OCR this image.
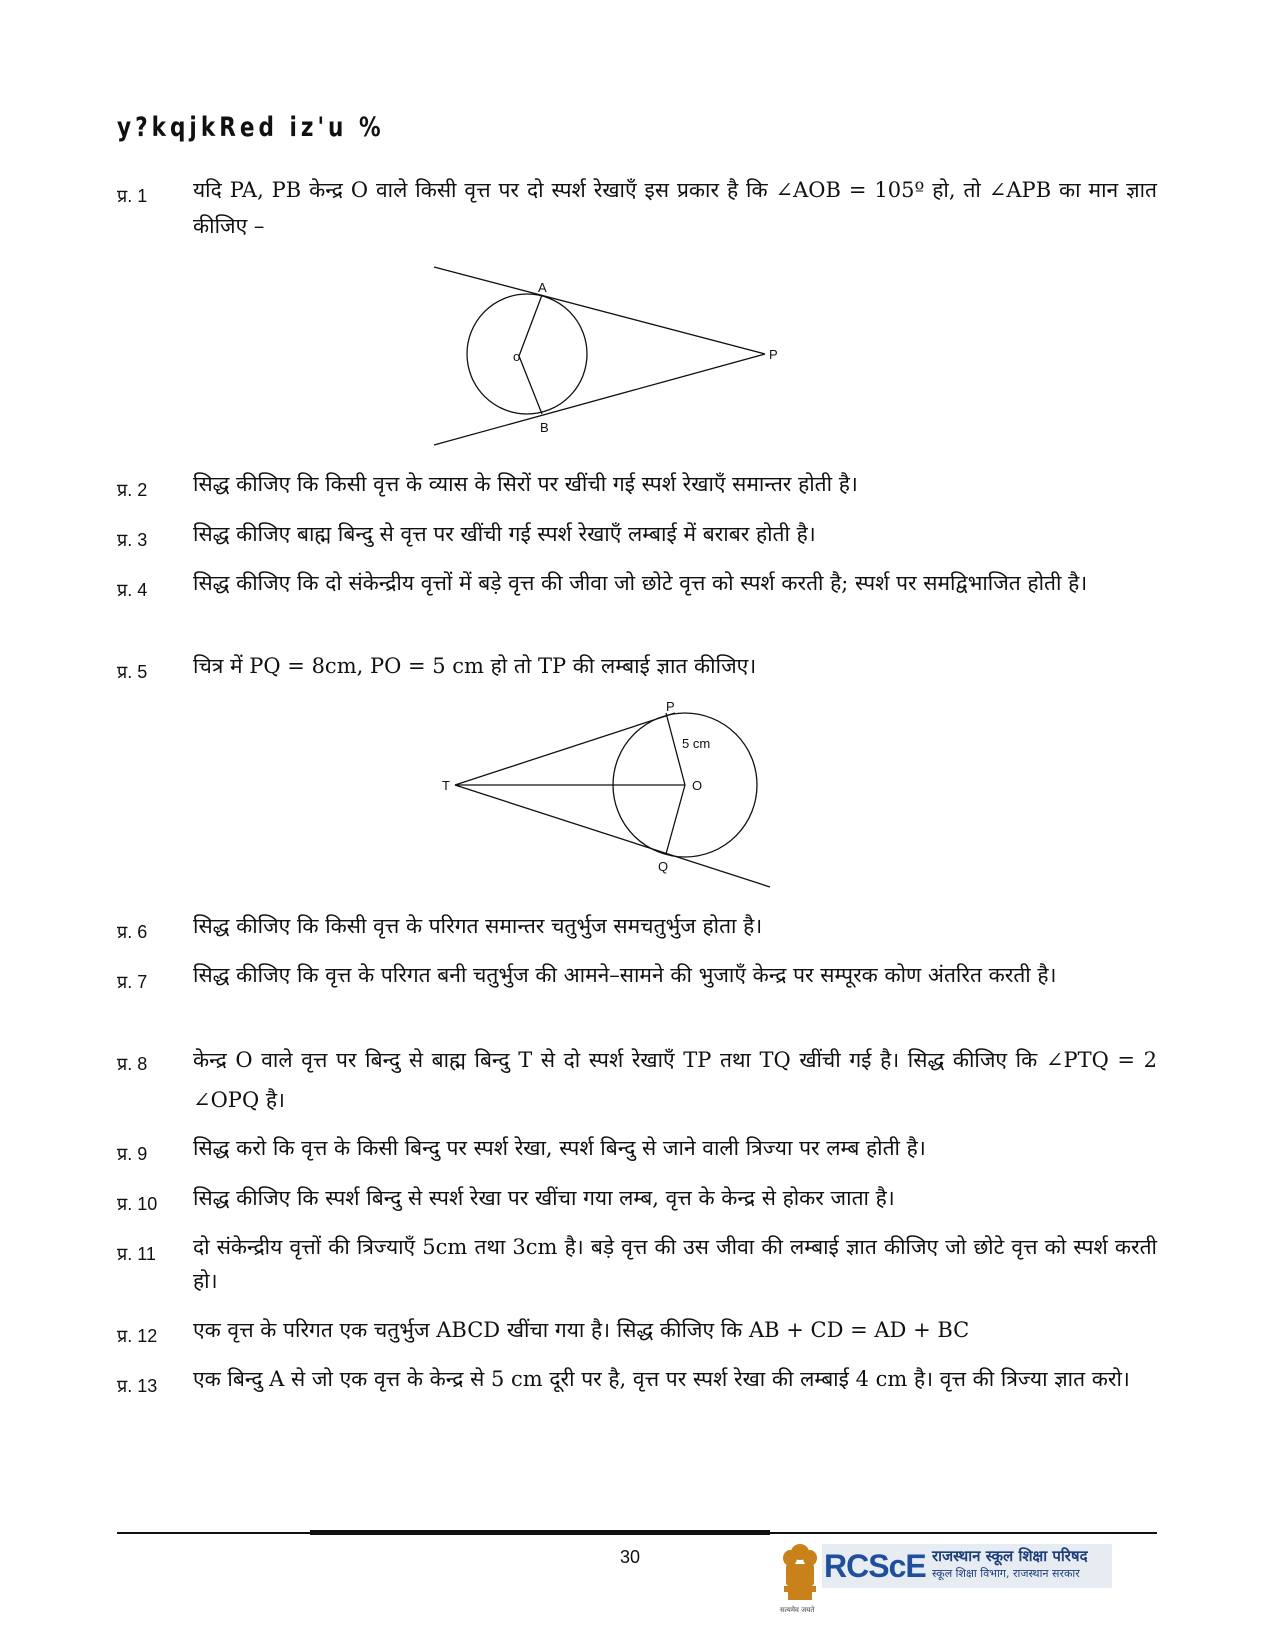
y?kqjkRed iz'u %
प्र. 1 यदि PA, PB केन्द्र O वाले किसी वृत्त पर दो स्पर्श रेखाएँ इस प्रकार है कि ∠AOB = 105º हो, तो ∠APB का मान ज्ञात कीजिए –
A
B
o	P
प्र. 2 सिद्ध कीजिए कि किसी वृत्त के व्यास के सिरों पर खींची गई स्पर्श रेखाएँ समान्तर होती है।
प्र. 3 सिद्ध कीजिए बाह्म बिन्दु से वृत्त पर खींची गई स्पर्श रेखाएँ लम्बाई में बराबर होती है।
प्र. 4 सिद्ध कीजिए कि दो संकेन्द्रीय वृत्तों में बड़े वृत्त की जीवा जो छोटे वृत्त को स्पर्श करती है; स्पर्श पर समद्विभाजित होती है।
प्र. 5 चित्र में PQ = 8cm, PO = 5 cm हो तो TP की लम्बाई ज्ञात कीजिए।
P
Q
T	O
5 cm
प्र. 6 सिद्ध कीजिए कि किसी वृत्त के परिगत समान्तर चतुर्भुज समचतुर्भुज होता है।
प्र. 7 सिद्ध कीजिए कि वृत्त के परिगत बनी चतुर्भुज की आमने–सामने की भुजाएँ केन्द्र पर सम्पूरक कोण अंतरित करती है।
प्र. 8 केन्द्र O वाले वृत्त पर बिन्दु से बाह्म बिन्दु T से दो स्पर्श रेखाएँ TP तथा TQ खींची गई है। सिद्ध कीजिए कि ∠PTQ = 2 ∠OPQ है।
प्र. 9 सिद्ध करो कि वृत्त के किसी बिन्दु पर स्पर्श रेखा, स्पर्श बिन्दु से जाने वाली त्रिज्या पर लम्ब होती है।
प्र. 10 सिद्ध कीजिए कि स्पर्श बिन्दु से स्पर्श रेखा पर खींचा गया लम्ब, वृत्त के केन्द्र से होकर जाता है।
प्र. 11 दो संकेन्द्रीय वृत्तों की त्रिज्याएँ 5cm तथा 3cm है। बड़े वृत्त की उस जीवा की लम्बाई ज्ञात कीजिए जो छोटे वृत्त को स्पर्श करती हो।
प्र. 12 एक वृत्त के परिगत एक चतुर्भुज ABCD खींचा गया है। सिद्ध कीजिए कि AB + CD = AD + BC
प्र. 13 एक बिन्दु A से जो एक वृत्त के केन्द्र से 5 cm दूरी पर है, वृत्त पर स्पर्श रेखा की लम्बाई 4 cm है। वृत्त की त्रिज्या ज्ञात करो।
30	RCScE राजस्थान स्कूल शिक्षा परिषद
स्कूल शिक्षा विभाग, राजस्थान सरकार
सत्यमेव जयते
